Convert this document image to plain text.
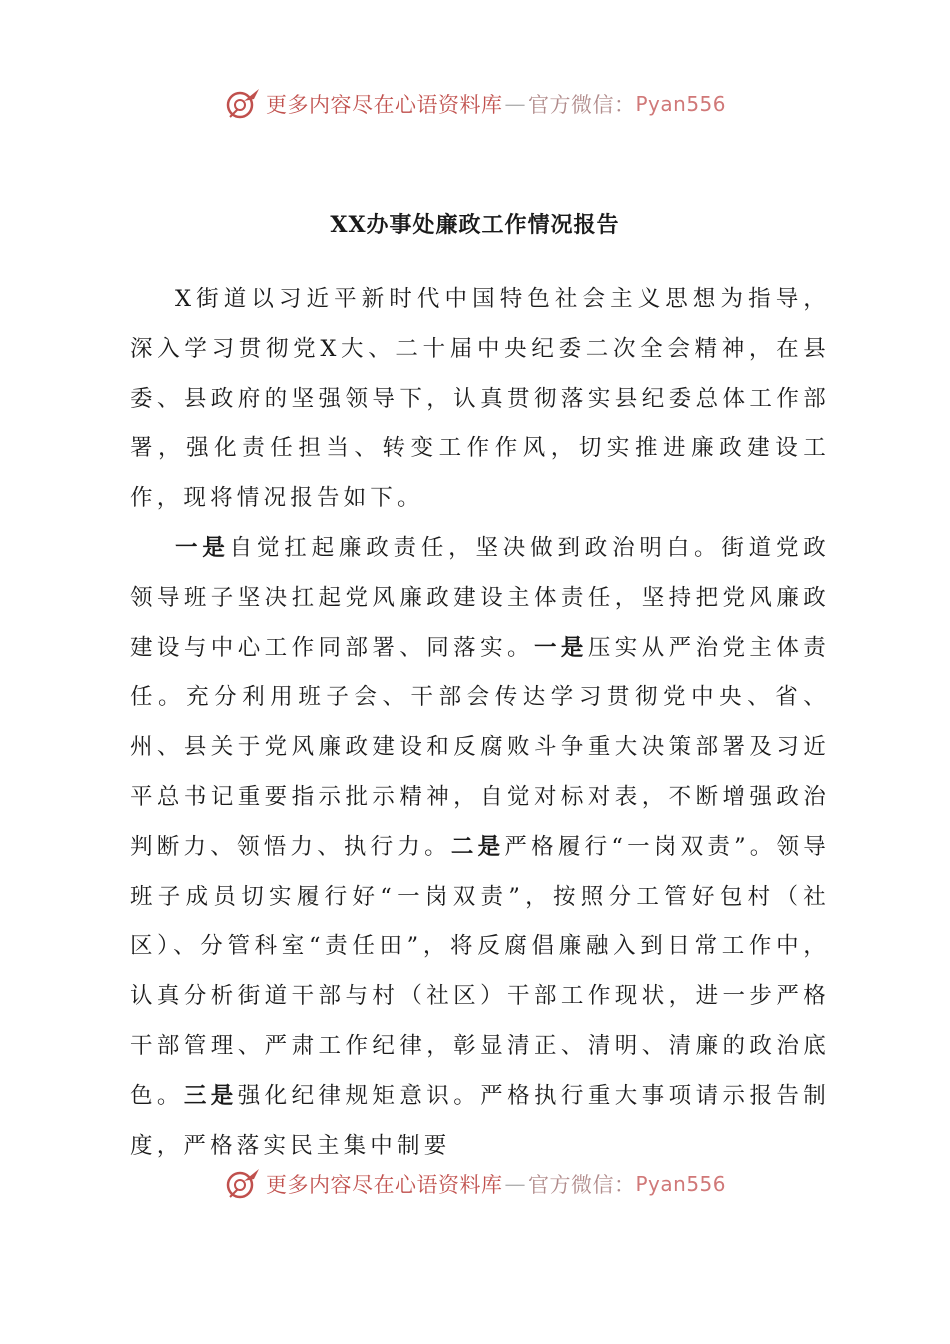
更多内容尽在心语资料库 — 官方微信： Pyan556
XX办事处廉政工作情况报告

X街道以习近平新时代中国特色社会主义思想为指导，深入学习贯彻党X大、二十届中央纪委二次全会精神，在县委、县政府的坚强领导下，认真贯彻落实县纪委总体工作部署，强化责任担当、转变工作作风，切实推进廉政建设工作，现将情况报告如下。

一是自觉扛起廉政责任，坚决做到政治明白。街道党政领导班子坚决扛起党风廉政建设主体责任，坚持把党风廉政建设与中心工作同部署、同落实。一是压实从严治党主体责任。充分利用班子会、干部会传达学习贯彻党中央、省、州、县关于党风廉政建设和反腐败斗争重大决策部署及习近平总书记重要指示批示精神，自觉对标对表，不断增强政治判断力、领悟力、执行力。二是严格履行“一岗双责”。领导班子成员切实履行好“一岗双责”，按照分工管好包村（社区）、分管科室“责任田”，将反腐倡廉融入到日常工作中，认真分析街道干部与村（社区）干部工作现状，进一步严格干部管理、严肃工作纪律，彰显清正、清明、清廉的政治底色。三是强化纪律规矩意识。严格执行重大事项请示报告制度，严格落实民主集中制要

更多内容尽在心语资料库 — 官方微信： Pyan556
